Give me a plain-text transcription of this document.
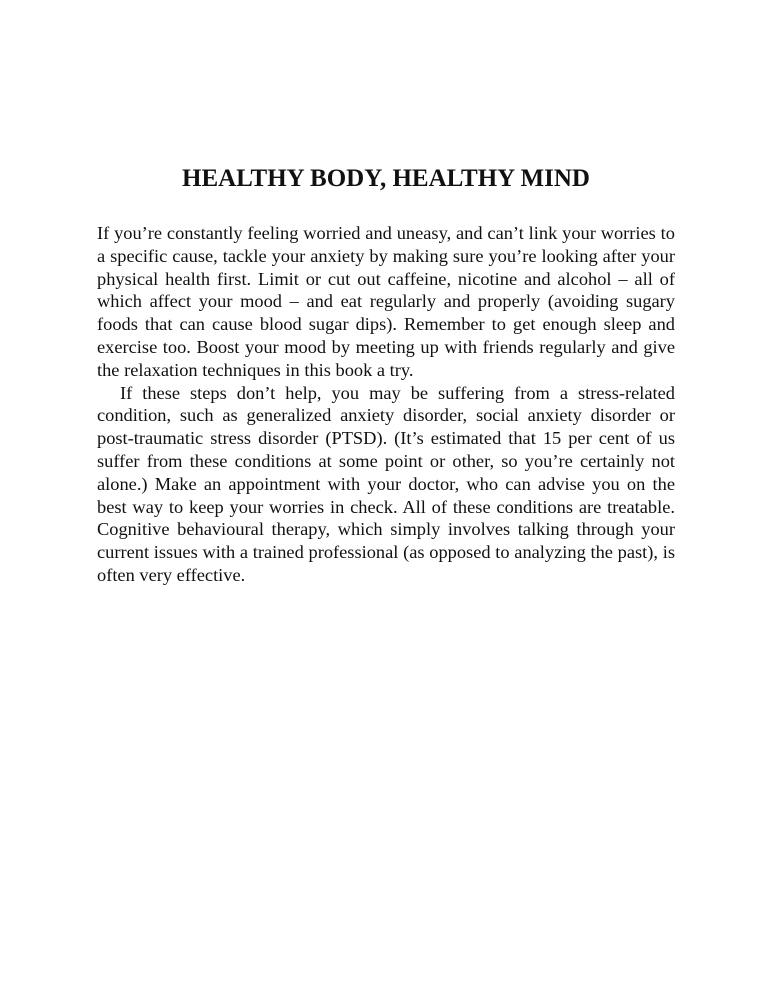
HEALTHY BODY, HEALTHY MIND

If you’re constantly feeling worried and uneasy, and can’t link your worries to a specific cause, tackle your anxiety by making sure you’re looking after your physical health first. Limit or cut out caffeine, nicotine and alcohol – all of which affect your mood – and eat regularly and properly (avoiding sugary foods that can cause blood sugar dips). Remember to get enough sleep and exercise too. Boost your mood by meeting up with friends regularly and give the relaxation techniques in this book a try.

If these steps don’t help, you may be suffering from a stress-related condition, such as generalized anxiety disorder, social anxiety disorder or post-traumatic stress disorder (PTSD). (It’s estimated that 15 per cent of us suffer from these conditions at some point or other, so you’re certainly not alone.) Make an appointment with your doctor, who can advise you on the best way to keep your worries in check. All of these conditions are treatable. Cognitive behavioural therapy, which simply involves talking through your current issues with a trained professional (as opposed to analyzing the past), is often very effective.
